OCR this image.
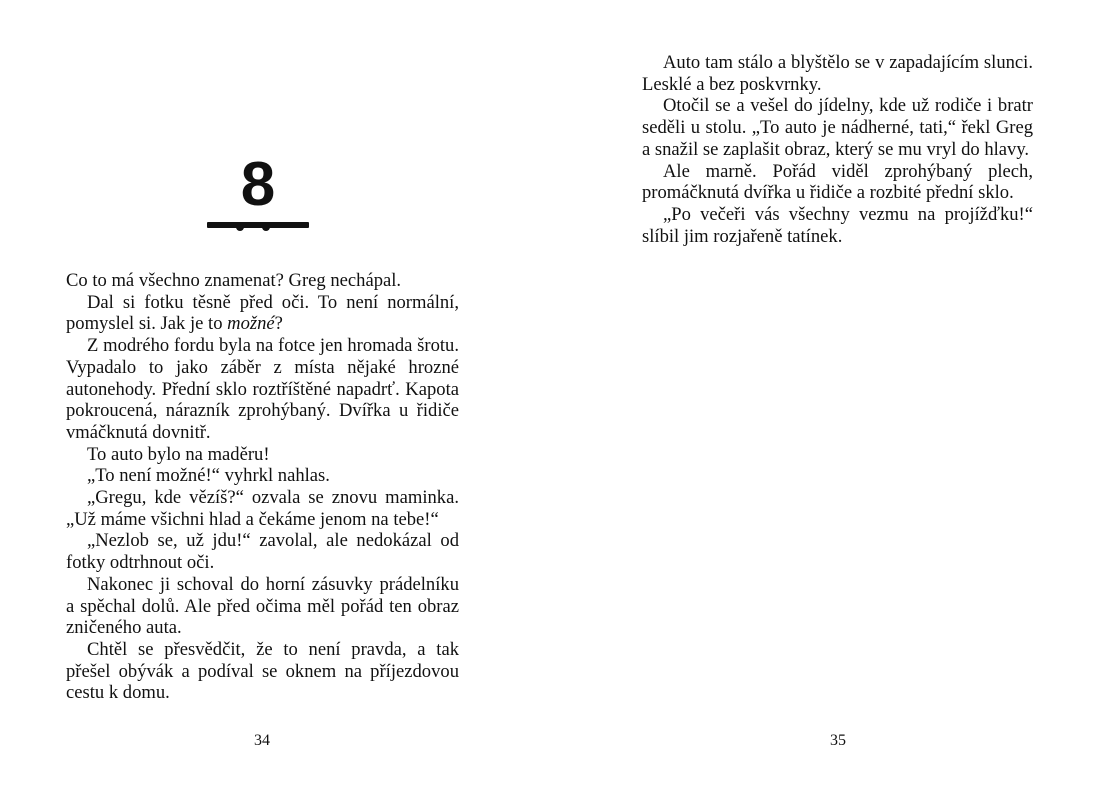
8

Co to má všechno znamenat? Greg nechápal.

Dal si fotku těsně před oči. To není normální, pomyslel si. Jak je to možné?

Z modrého fordu byla na fotce jen hromada šrotu. Vypadalo to jako záběr z místa nějaké hrozné autonehody. Přední sklo roztříštěné napadrť. Kapota pokroucená, nárazník zprohýbaný. Dvířka u řidiče vmáčknutá dovnitř.

To auto bylo na maděru!

„To není možné!“ vyhrkl nahlas.

„Gregu, kde vězíš?“ ozvala se znovu maminka. „Už máme všichni hlad a čekáme jenom na tebe!“

„Nezlob se, už jdu!“ zavolal, ale nedokázal od fotky odtrhnout oči.

Nakonec ji schoval do horní zásuvky prádelníku a spěchal dolů. Ale před očima měl pořád ten obraz zničeného auta.

Chtěl se přesvědčit, že to není pravda, a tak přešel obývák a podíval se oknem na příjezdovou cestu k domu.

34

Auto tam stálo a blyštělo se v zapadajícím slunci. Lesklé a bez poskvrnky.

Otočil se a vešel do jídelny, kde už rodiče i bratr seděli u stolu. „To auto je nádherné, tati,“ řekl Greg a snažil se zaplašit obraz, který se mu vryl do hlavy.

Ale marně. Pořád viděl zprohýbaný plech, promáčknutá dvířka u řidiče a rozbité přední sklo.

„Po večeři vás všechny vezmu na projížďku!“ slíbil jim rozjařeně tatínek.

35
